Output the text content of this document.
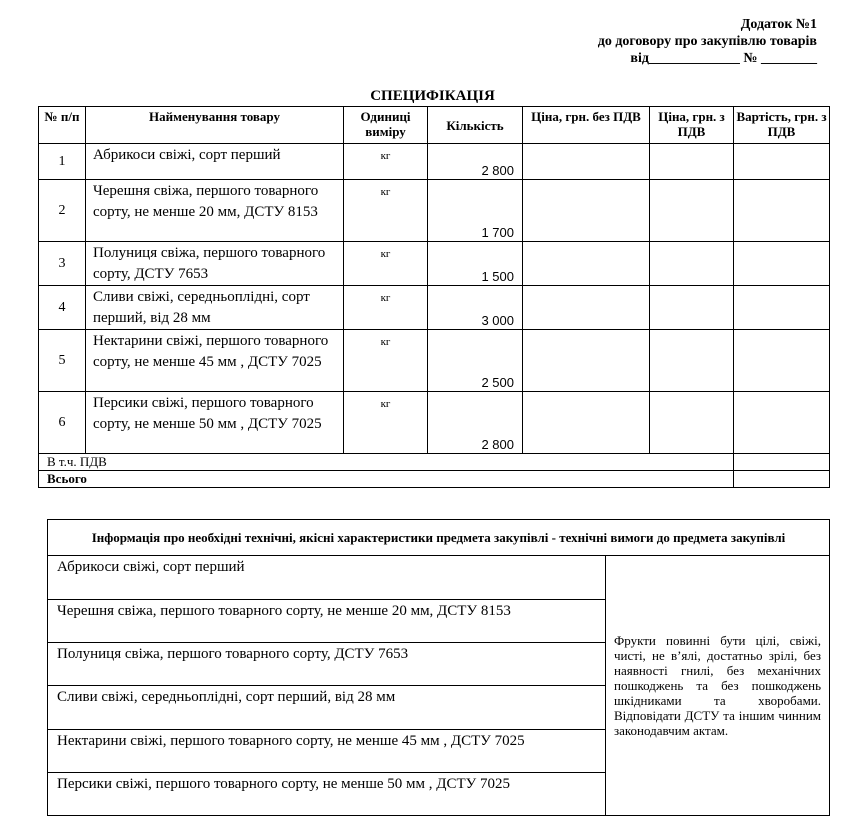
Додаток №1
до договору про закупівлю товарів
від_____________ № ________
СПЕЦИФІКАЦІЯ
№ п/п	Найменування товару	Одиниці виміру	Кількість	Ціна, грн. без ПДВ	Ціна, грн. з ПДВ	Вартість, грн. з ПДВ
1	Абрикоси свіжі, сорт перший	кг	2 800			
2	Черешня свіжа, першого товарного сорту, не менше 20 мм, ДСТУ 8153	кг	1 700			
3	Полуниця свіжа, першого товарного сорту, ДСТУ 7653	кг	1 500			
4	Сливи свіжі, середньоплідні, сорт перший, від 28 мм	кг	3 000			
5	Нектарини свіжі, першого товарного сорту, не менше 45 мм , ДСТУ 7025	кг	2 500			
6	Персики свіжі, першого товарного сорту, не менше 50 мм , ДСТУ 7025	кг	2 800			
В т.ч. ПДВ						
Всього						
Інформація про необхідні технічні, якісні характеристики предмета закупівлі - технічні вимоги до предмета закупівлі
Абрикоси свіжі, сорт перший	Фрукти повинні бути цілі, свіжі, чисті, не в’ялі, достатньо зрілі, без наявності гнилі, без механічних пошкоджень та без пошкоджень шкідниками та хворобами. Відповідати ДСТУ та іншим чинним законодавчим актам.
Черешня свіжа, першого товарного сорту, не менше 20 мм, ДСТУ 8153
Полуниця свіжа, першого товарного сорту, ДСТУ 7653
Сливи свіжі, середньоплідні, сорт перший, від 28 мм
Нектарини свіжі, першого товарного сорту, не менше 45 мм , ДСТУ 7025
Персики свіжі, першого товарного сорту, не менше 50 мм , ДСТУ 7025
